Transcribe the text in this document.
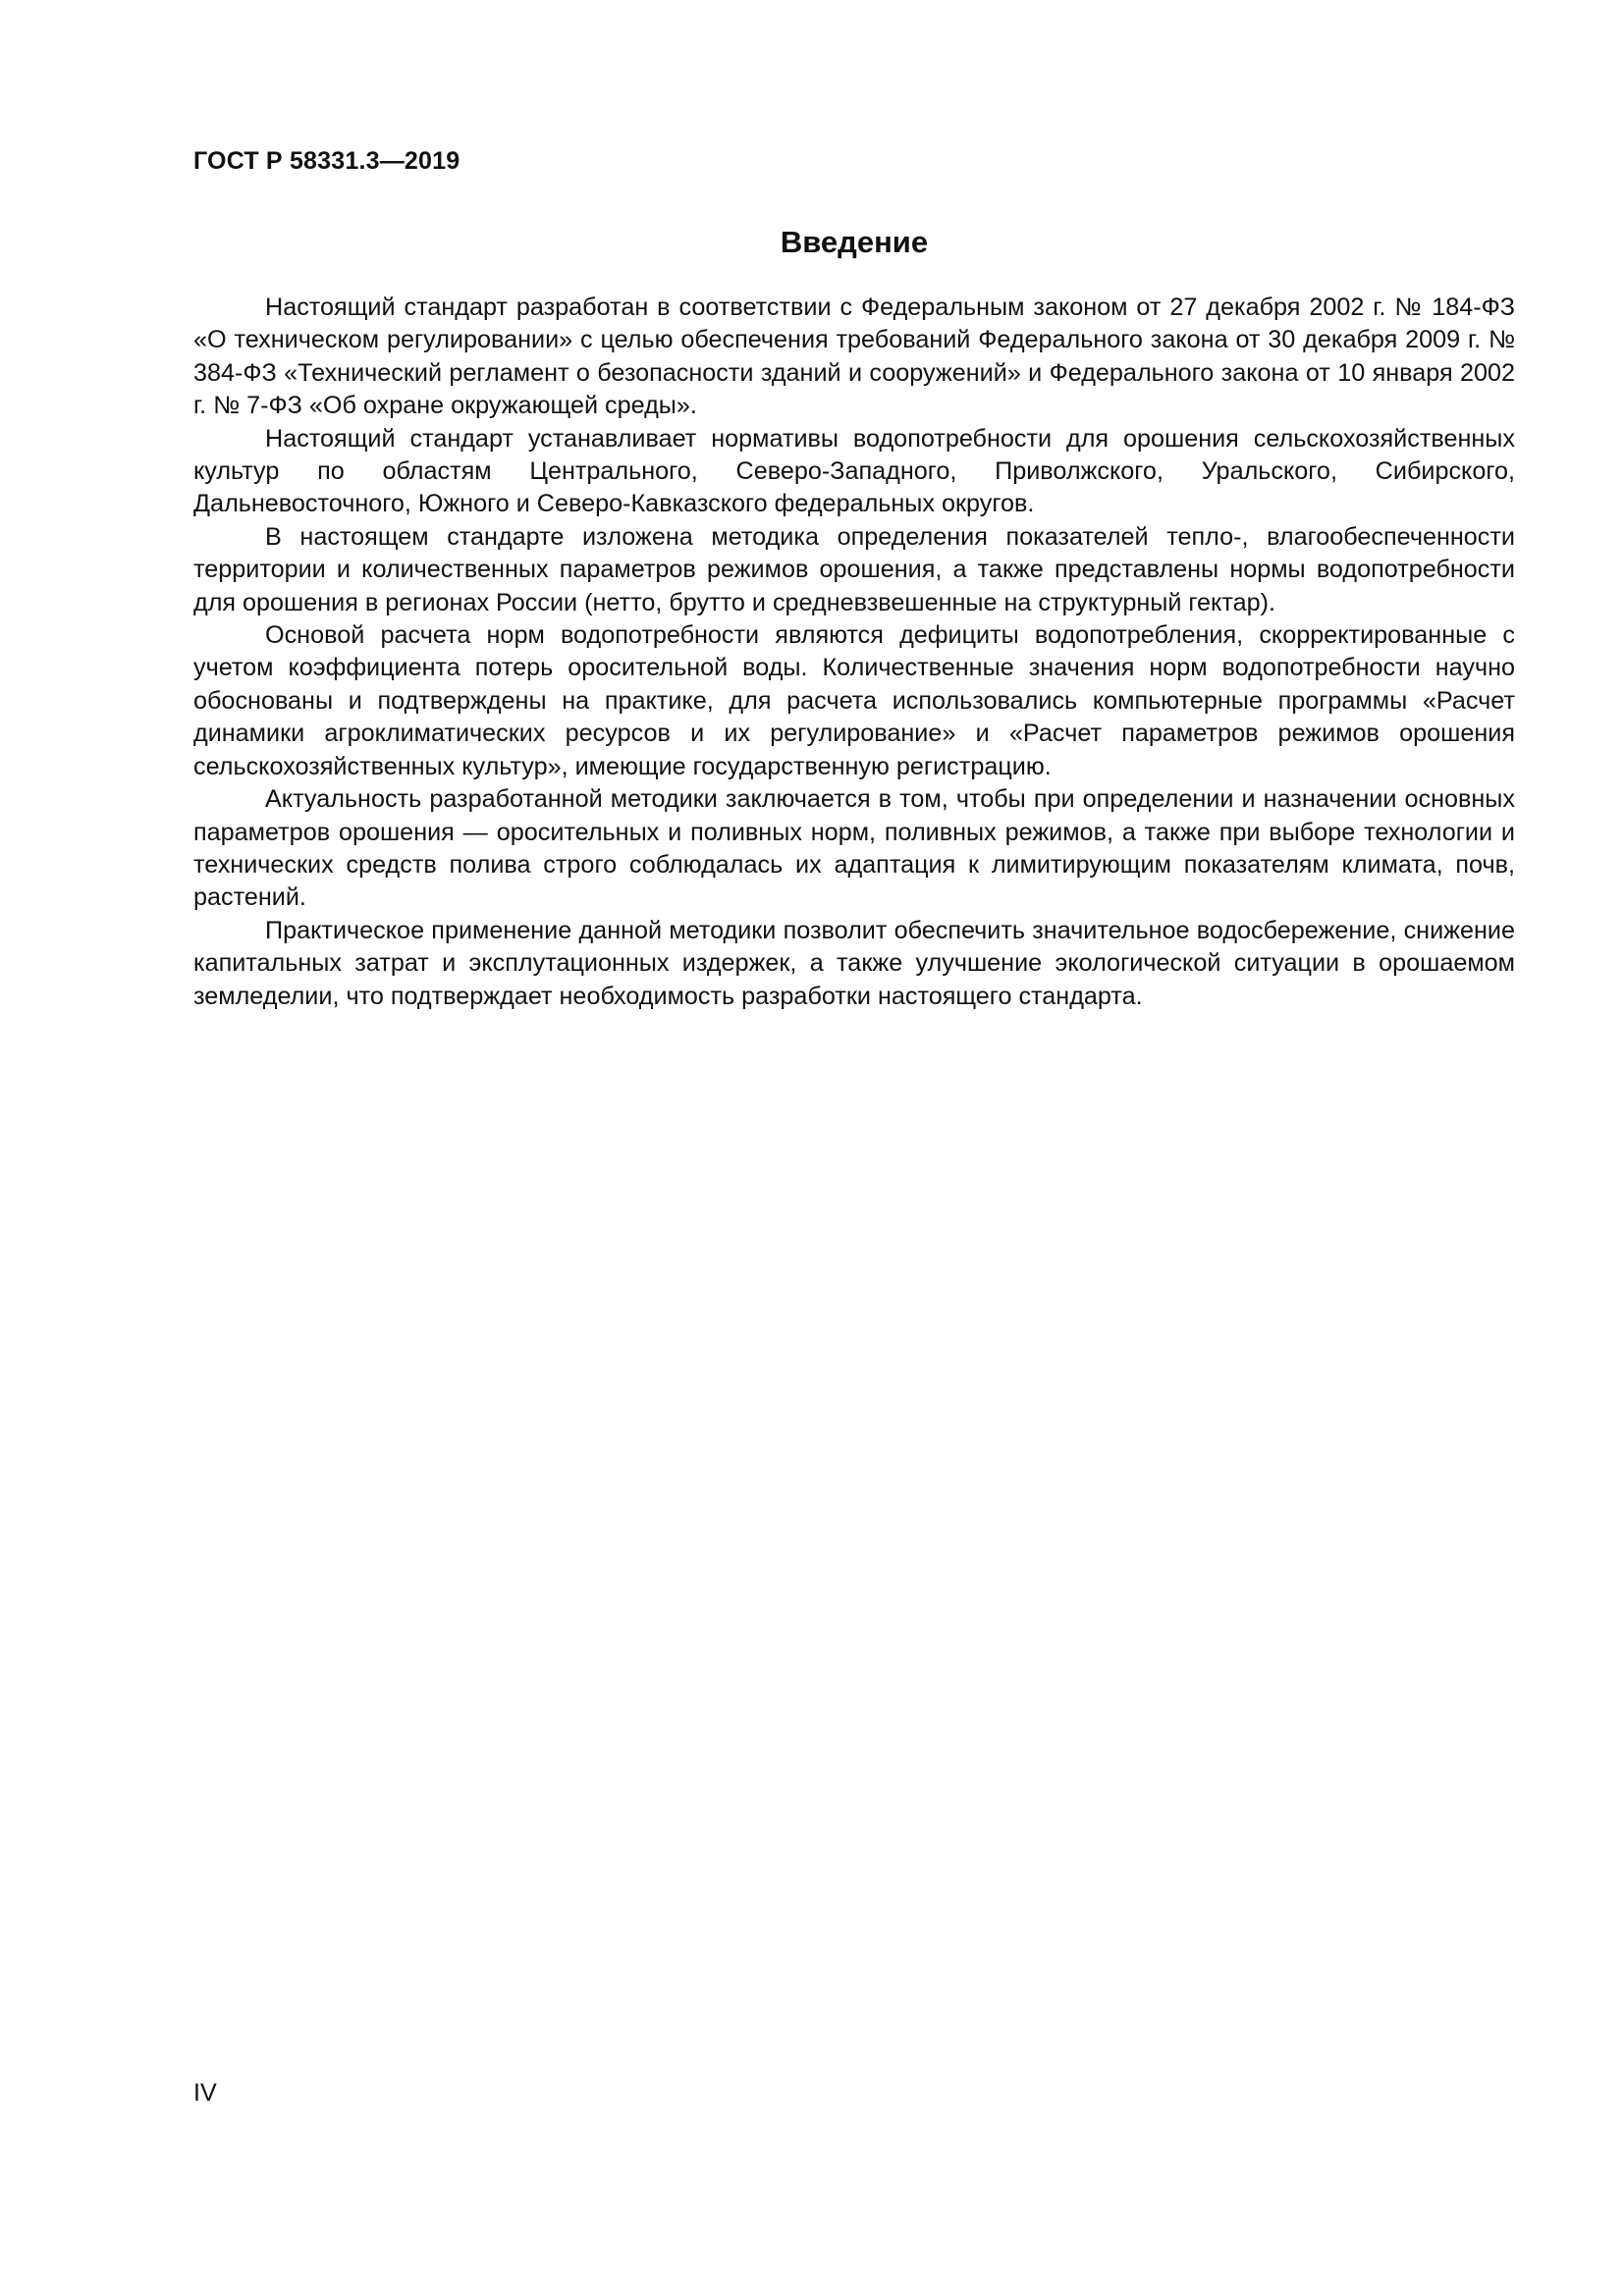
ГОСТ Р 58331.3—2019

Введение

Настоящий стандарт разработан в соответствии с Федеральным законом от 27 декабря 2002 г. № 184-ФЗ «О техническом регулировании» с целью обеспечения требований Федерального закона от 30 декабря 2009 г. № 384-ФЗ «Технический регламент о безопасности зданий и сооружений» и Федерального закона от 10 января 2002 г. № 7-ФЗ «Об охране окружающей среды».

Настоящий стандарт устанавливает нормативы водопотребности для орошения сельскохозяйственных культур по областям Центрального, Северо-Западного, Приволжского, Уральского, Сибирского, Дальневосточного, Южного и Северо-Кавказского федеральных округов.

В настоящем стандарте изложена методика определения показателей тепло-, влагообеспеченности территории и количественных параметров режимов орошения, а также представлены нормы водопотребности для орошения в регионах России (нетто, брутто и средневзвешенные на структурный гектар).

Основой расчета норм водопотребности являются дефициты водопотребления, скорректированные с учетом коэффициента потерь оросительной воды. Количественные значения норм водопотребности научно обоснованы и подтверждены на практике, для расчета использовались компьютерные программы «Расчет динамики агроклиматических ресурсов и их регулирование» и «Расчет параметров режимов орошения сельскохозяйственных культур», имеющие государственную регистрацию.

Актуальность разработанной методики заключается в том, чтобы при определении и назначении основных параметров орошения — оросительных и поливных норм, поливных режимов, а также при выборе технологии и технических средств полива строго соблюдалась их адаптация к лимитирующим показателям климата, почв, растений.

Практическое применение данной методики позволит обеспечить значительное водосбережение, снижение капитальных затрат и эксплутационных издержек, а также улучшение экологической ситуации в орошаемом земледелии, что подтверждает необходимость разработки настоящего стандарта.

IV
